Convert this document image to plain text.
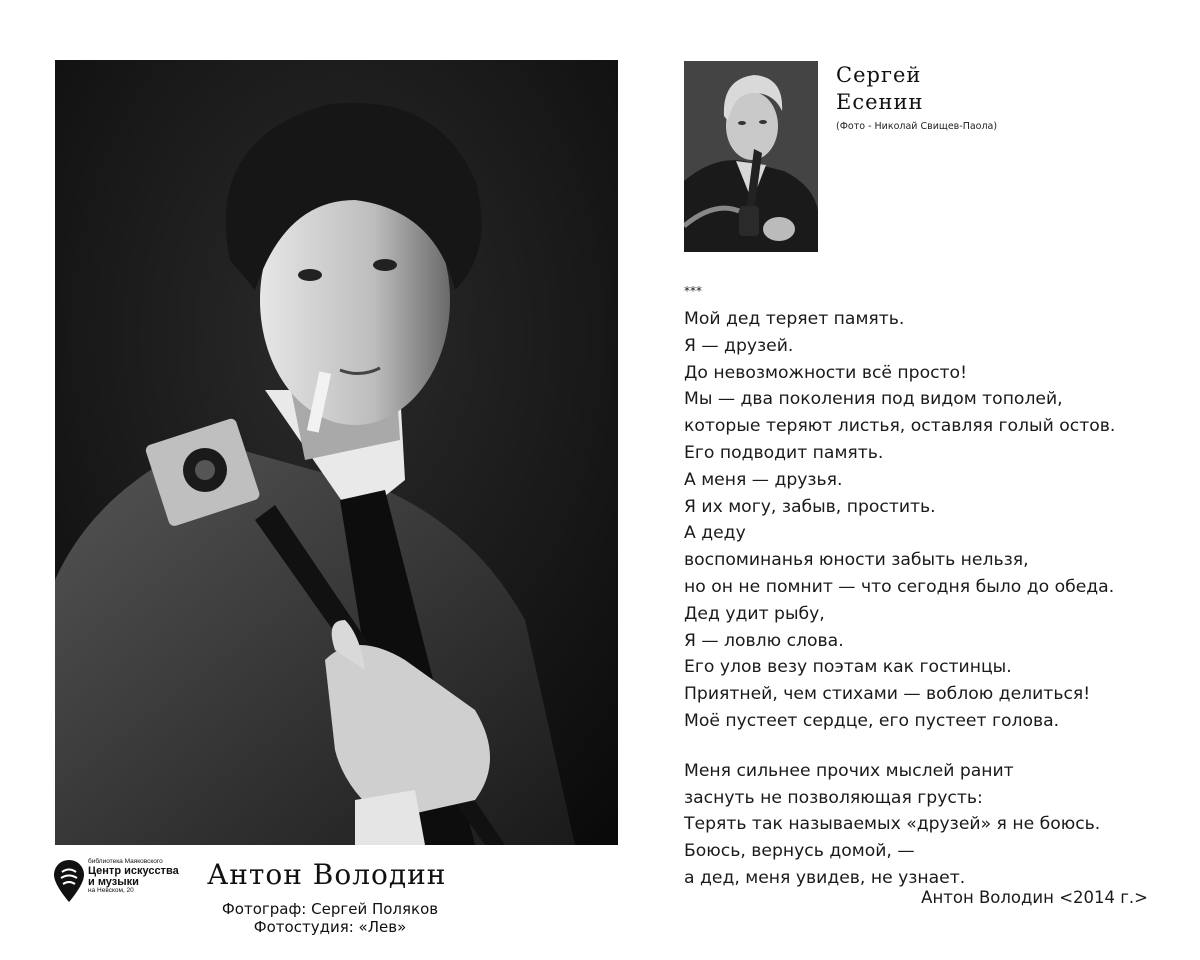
библиотека Маяковского
Центр искусства
и музыки
на Невском, 20	Антон Володин
Фотограф: Сергей Поляков
Фотостудия: «Лев»
Сергей
Есенин
(Фото - Николай Свищев-Паола)
***
Мой дед теряет память.
Я — друзей.
До невозможности всё просто!
Мы — два поколения под видом тополей,
которые теряют листья, оставляя голый остов.
Его подводит память.
А меня — друзья.
Я их могу, забыв, простить.
А деду
воспоминанья юности забыть нельзя,
но он не помнит — что сегодня было до обеда.
Дед удит рыбу,
Я — ловлю слова.
Его улов везу поэтам как гостинцы.
Приятней, чем стихами — воблою делиться!
Моё пустеет сердце, его пустеет голова.
Меня сильнее прочих мыслей ранит
заснуть не позволяющая грусть:
Терять так называемых «друзей» я не боюсь.
Боюсь, вернусь домой, —
а дед, меня увидев, не узнает.
Антон Володин <2014 г.>
